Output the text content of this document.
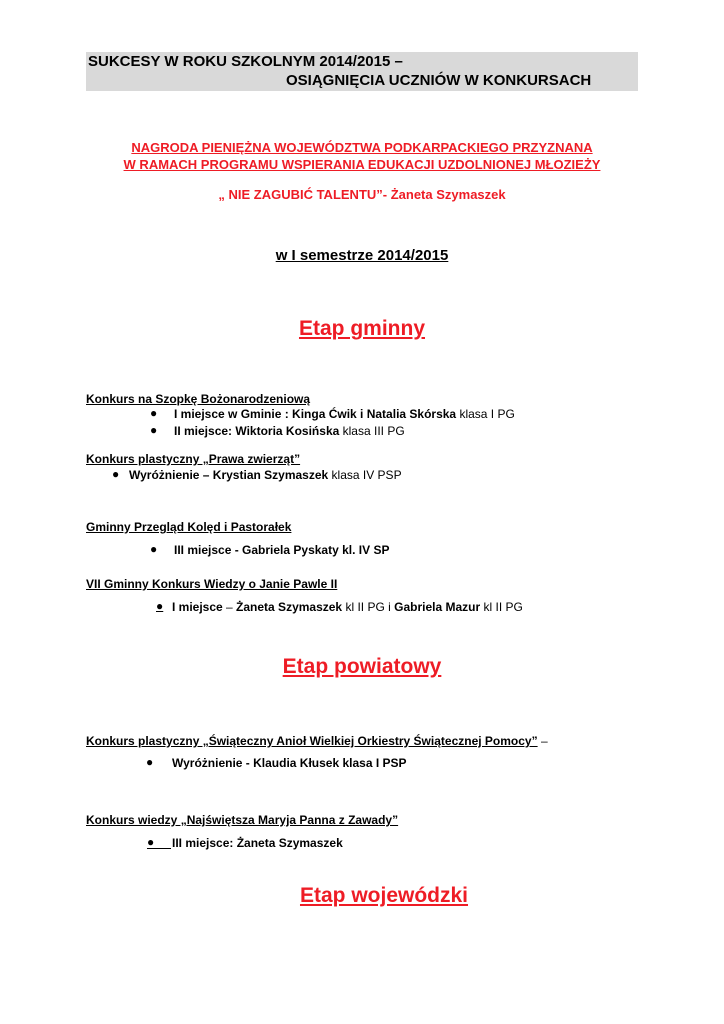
SUKCESY W ROKU SZKOLNYM 2014/2015 –
OSIĄGNIĘCIA UCZNIÓW W KONKURSACH
NAGRODA PIENIĘŻNA WOJEWÓDZTWA PODKARPACKIEGO PRZYZNANA
W RAMACH PROGRAMU WSPIERANIA EDUKACJI UZDOLNIONEJ MŁOZIEŻY
„ NIE ZAGUBIĆ TALENTU”- Żaneta Szymaszek
w I semestrze 2014/2015
Etap gminny
Konkurs na Szopkę Bożonarodzeniową
● I miejsce w Gminie : Kinga Ćwik i Natalia Skórska klasa I PG
● II miejsce: Wiktoria Kosińska klasa III PG
Konkurs plastyczny „Prawa zwierząt”
● Wyróżnienie – Krystian Szymaszek klasa IV PSP
Gminny Przegląd Kolęd i Pastorałek
● III miejsce - Gabriela Pyskaty kl. IV SP
VII Gminny Konkurs Wiedzy o Janie Pawle II
● I miejsce – Żaneta Szymaszek kl II PG i Gabriela Mazur kl II PG
Etap powiatowy
Konkurs plastyczny „Świąteczny Anioł Wielkiej Orkiestry Świątecznej Pomocy” –
● Wyróżnienie - Klaudia Kłusek klasa I PSP
Konkurs wiedzy „Najświętsza Maryja Panna z Zawady”
● III miejsce: Żaneta Szymaszek
Etap wojewódzki
